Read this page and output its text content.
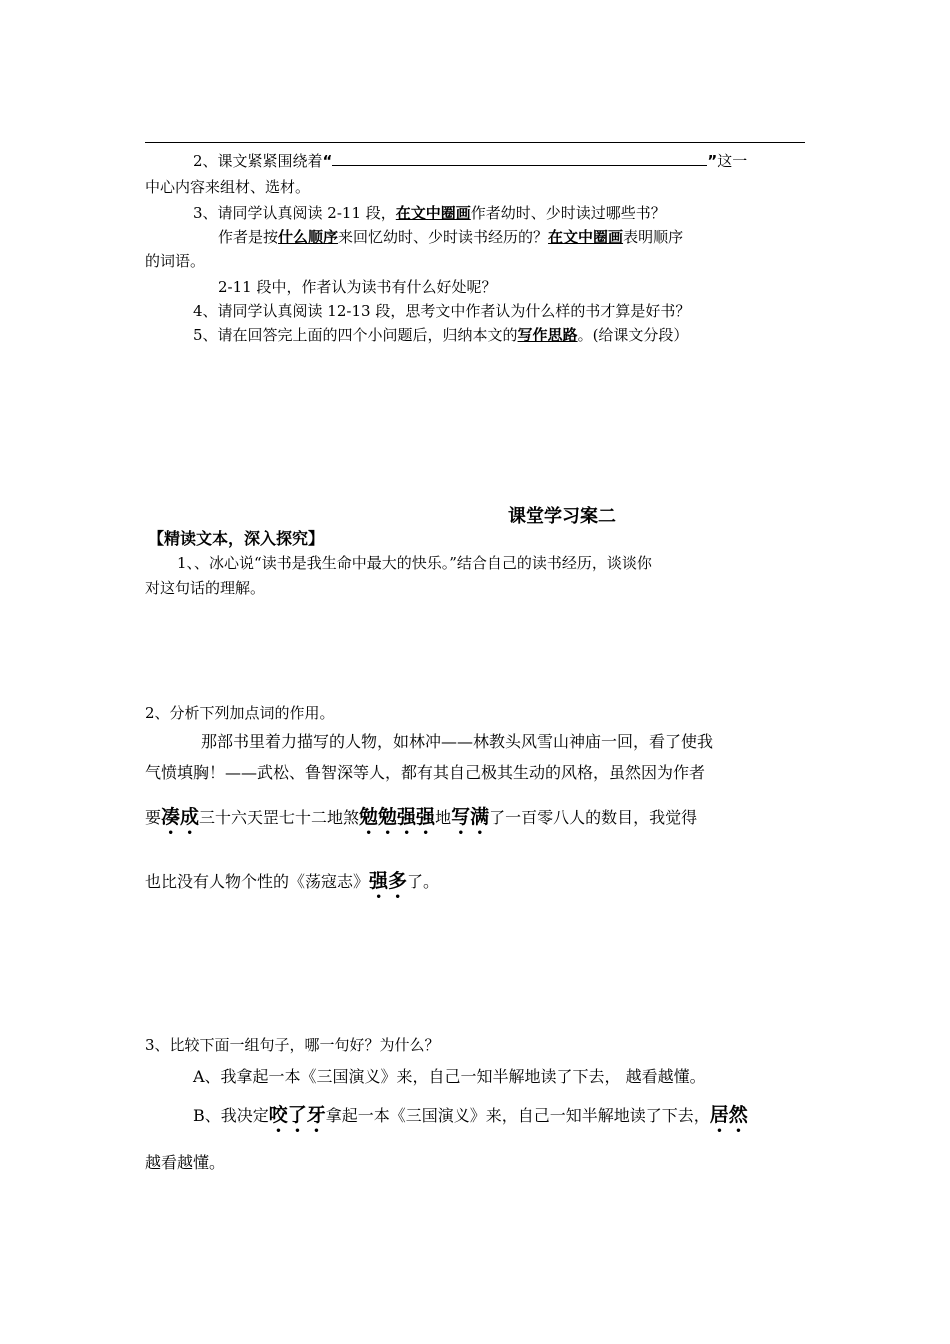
2、课文紧紧围绕着“	”这一
中心内容来组材、选材。
3、请同学认真阅读 2-11 段，在文中圈画作者幼时、少时读过哪些书？
作者是按什么顺序来回忆幼时、少时读书经历的？在文中圈画表明顺序
的词语。
2-11 段中，作者认为读书有什么好处呢？
4、请同学认真阅读 12-13 段，思考文中作者认为什么样的书才算是好书？
5、请在回答完上面的四个小问题后，归纳本文的写作思路。(给课文分段）
课堂学习案二
【精读文本，深入探究】
1、、冰心说“读书是我生命中最大的快乐。”结合自己的读书经历，谈谈你
对这句话的理解。
2、分析下列加点词的作用。
那部书里着力描写的人物，如林冲——林教头风雪山神庙一回，看了使我
气愤填胸！——武松、鲁智深等人，都有其自己极其生动的风格，虽然因为作者
要凑成三十六天罡七十二地煞勉勉强强地写满了一百零八人的数目，我觉得
也比没有人物个性的《荡寇志》强多了。
3、比较下面一组句子，哪一句好？为什么？
A、我拿起一本《三国演义》来，自己一知半解地读了下去， 越看越懂。
B、我决定咬了牙拿起一本《三国演义》来，自己一知半解地读了下去，居然
越看越懂。
